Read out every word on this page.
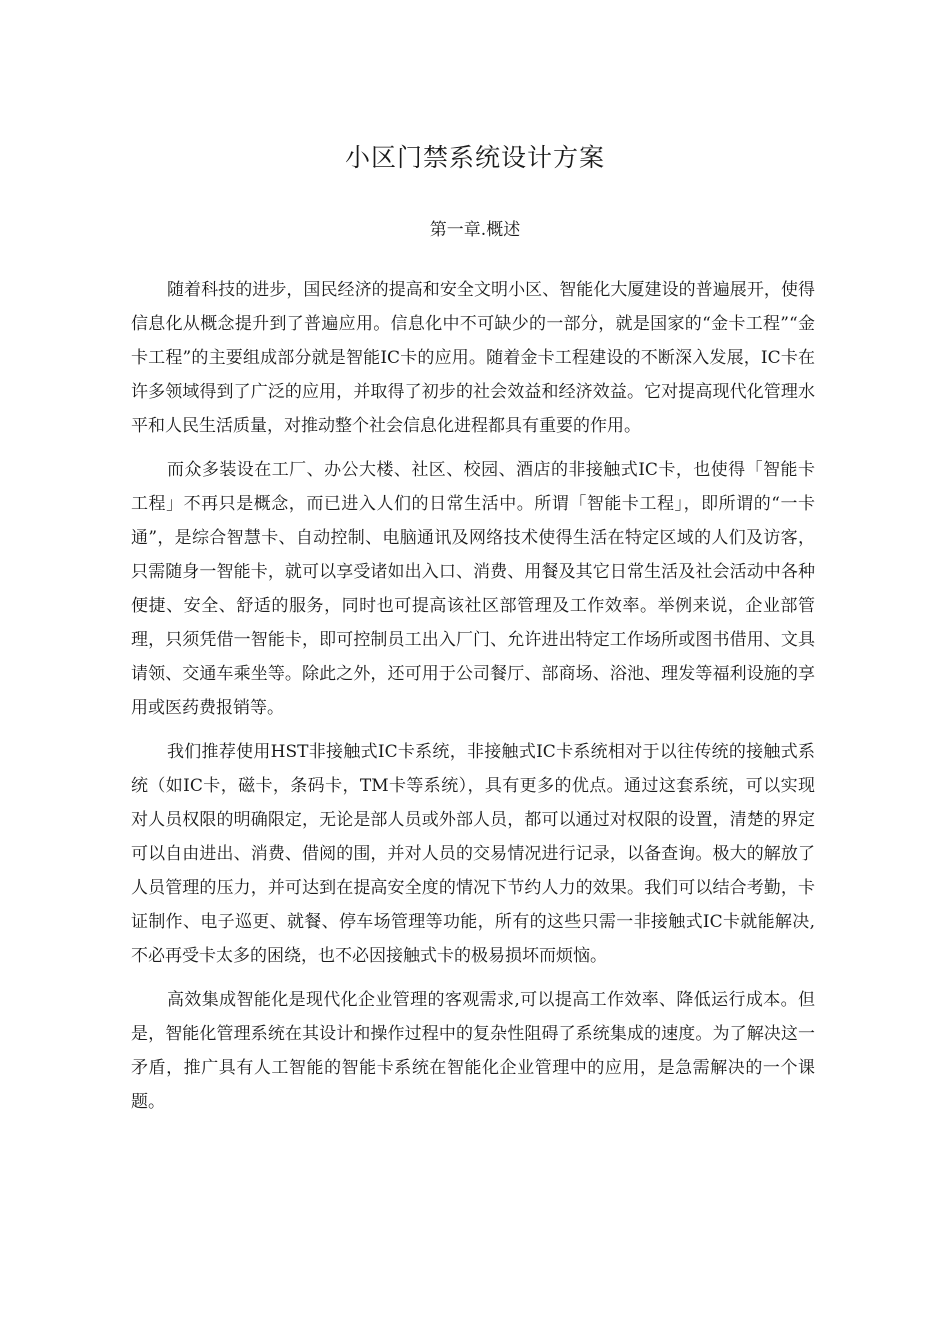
小区门禁系统设计方案
第一章.概述

随着科技的进步，国民经济的提高和安全文明小区、智能化大厦建设的普遍展开，使得信息化从概念提升到了普遍应用。信息化中不可缺少的一部分，就是国家的“金卡工程”“金卡工程”的主要组成部分就是智能IC卡的应用。随着金卡工程建设的不断深入发展，IC卡在许多领域得到了广泛的应用，并取得了初步的社会效益和经济效益。它对提高现代化管理水平和人民生活质量，对推动整个社会信息化进程都具有重要的作用。

而众多装设在工厂、办公大楼、社区、校园、酒店的非接触式IC卡，也使得「智能卡工程」不再只是概念，而已进入人们的日常生活中。所谓「智能卡工程」，即所谓的“一卡通”，是综合智慧卡、自动控制、电脑通讯及网络技术使得生活在特定区域的人们及访客，只需随身一智能卡，就可以享受诸如出入口、消费、用餐及其它日常生活及社会活动中各种便捷、安全、舒适的服务，同时也可提高该社区部管理及工作效率。举例来说，企业部管理，只须凭借一智能卡，即可控制员工出入厂门、允许进出特定工作场所或图书借用、文具请领、交通车乘坐等。除此之外，还可用于公司餐厅、部商场、浴池、理发等福利设施的享用或医药费报销等。

我们推荐使用HST非接触式IC卡系统，非接触式IC卡系统相对于以往传统的接触式系统（如IC卡，磁卡，条码卡，TM卡等系统），具有更多的优点。通过这套系统，可以实现对人员权限的明确限定，无论是部人员或外部人员，都可以通过对权限的设置，清楚的界定可以自由进出、消费、借阅的围，并对人员的交易情况进行记录，以备查询。极大的解放了人员管理的压力，并可达到在提高安全度的情况下节约人力的效果。我们可以结合考勤，卡证制作、电子巡更、就餐、停车场管理等功能，所有的这些只需一非接触式IC卡就能解决,不必再受卡太多的困绕，也不必因接触式卡的极易损坏而烦恼。

高效集成智能化是现代化企业管理的客观需求,可以提高工作效率、降低运行成本。但是，智能化管理系统在其设计和操作过程中的复杂性阻碍了系统集成的速度。为了解决这一矛盾，推广具有人工智能的智能卡系统在智能化企业管理中的应用，是急需解决的一个课题。
